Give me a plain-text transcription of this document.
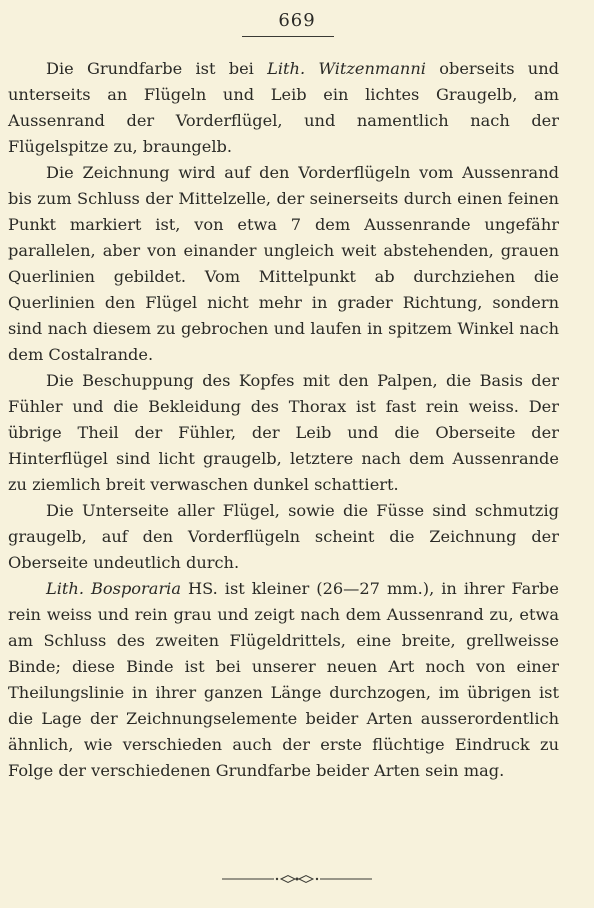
669

Die Grundfarbe ist bei Lith. Witzenmanni oberseits und unterseits an Flügeln und Leib ein lichtes Graugelb, am Aussenrand der Vorderflügel, und namentlich nach der Flügelspitze zu, braungelb.

Die Zeichnung wird auf den Vorderflügeln vom Aussenrand bis zum Schluss der Mittelzelle, der seinerseits durch einen feinen Punkt markiert ist, von etwa 7 dem Aussenrande ungefähr parallelen, aber von einander ungleich weit abstehenden, grauen Querlinien gebildet. Vom Mittelpunkt ab durchziehen die Querlinien den Flügel nicht mehr in grader Richtung, sondern sind nach diesem zu gebrochen und laufen in spitzem Winkel nach dem Costalrande.

Die Beschuppung des Kopfes mit den Palpen, die Basis der Fühler und die Bekleidung des Thorax ist fast rein weiss. Der übrige Theil der Fühler, der Leib und die Oberseite der Hinterflügel sind licht graugelb, letztere nach dem Aussenrande zu ziemlich breit verwaschen dunkel schattiert.

Die Unterseite aller Flügel, sowie die Füsse sind schmutzig graugelb, auf den Vorderflügeln scheint die Zeichnung der Oberseite undeutlich durch.

Lith. Bosporaria HS. ist kleiner (26—27 mm.), in ihrer Farbe rein weiss und rein grau und zeigt nach dem Aussenrand zu, etwa am Schluss des zweiten Flügeldrittels, eine breite, grellweisse Binde; diese Binde ist bei unserer neuen Art noch von einer Theilungslinie in ihrer ganzen Länge durchzogen, im übrigen ist die Lage der Zeichnungselemente beider Arten ausserordentlich ähnlich, wie verschieden auch der erste flüchtige Eindruck zu Folge der verschiedenen Grundfarbe beider Arten sein mag.
